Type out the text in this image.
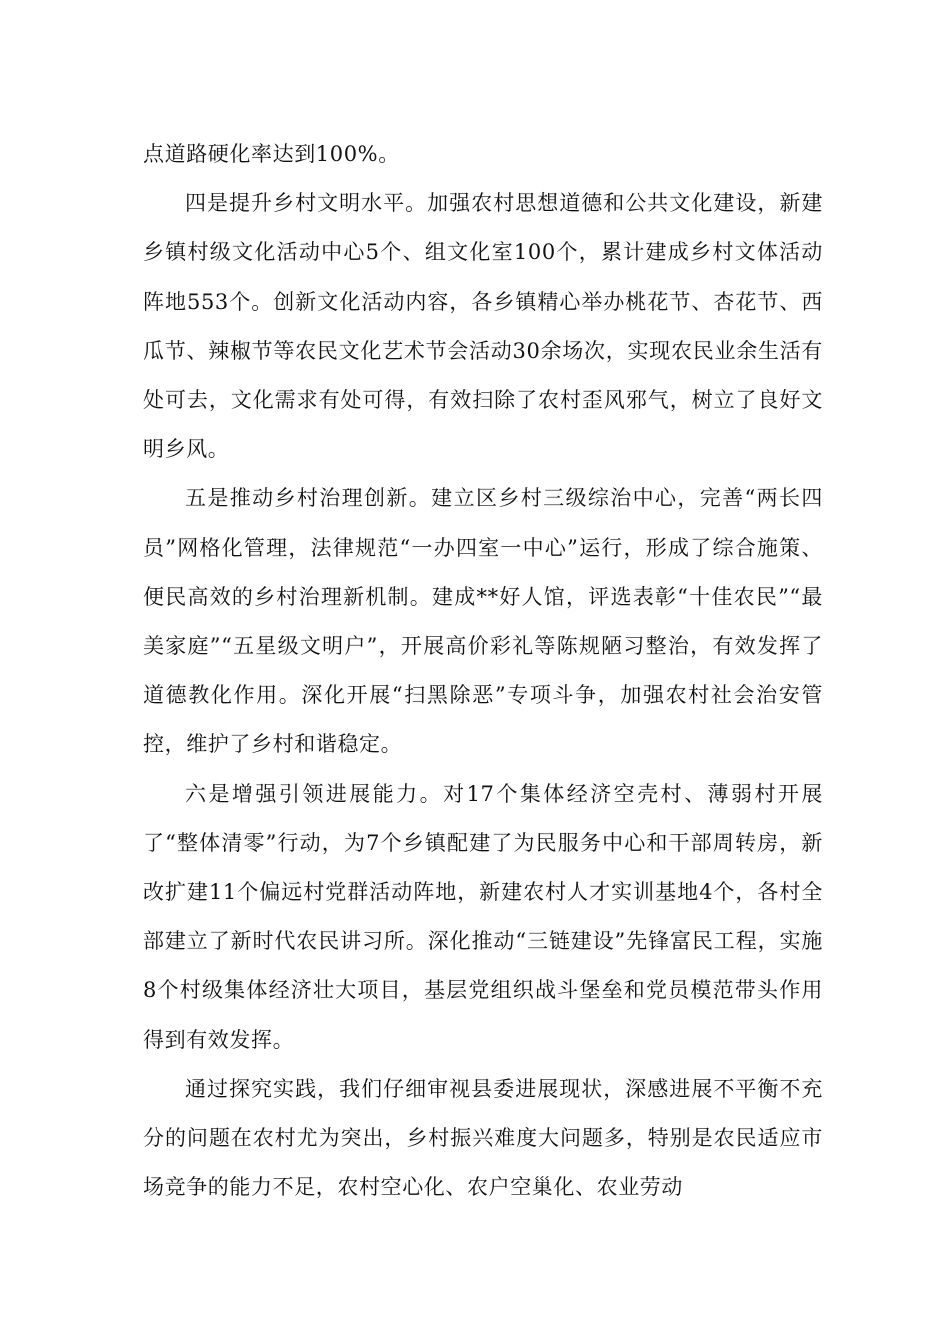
点道路硬化率达到100%。

四是提升乡村文明水平。加强农村思想道德和公共文化建设，新建乡镇村级文化活动中心5个、组文化室100个，累计建成乡村文体活动阵地553个。创新文化活动内容，各乡镇精心举办桃花节、杏花节、西瓜节、辣椒节等农民文化艺术节会活动30余场次，实现农民业余生活有处可去，文化需求有处可得，有效扫除了农村歪风邪气，树立了良好文明乡风。

五是推动乡村治理创新。建立区乡村三级综治中心，完善“两长四员”网格化管理，法律规范“一办四室一中心”运行，形成了综合施策、便民高效的乡村治理新机制。建成**好人馆，评选表彰“十佳农民”“最美家庭”“五星级文明户”，开展高价彩礼等陈规陋习整治，有效发挥了道德教化作用。深化开展“扫黑除恶”专项斗争，加强农村社会治安管控，维护了乡村和谐稳定。

六是增强引领进展能力。对17个集体经济空壳村、薄弱村开展了“整体清零”行动，为7个乡镇配建了为民服务中心和干部周转房，新改扩建11个偏远村党群活动阵地，新建农村人才实训基地4个，各村全部建立了新时代农民讲习所。深化推动“三链建设”先锋富民工程，实施8个村级集体经济壮大项目，基层党组织战斗堡垒和党员模范带头作用得到有效发挥。

通过探究实践，我们仔细审视县委进展现状，深感进展不平衡不充分的问题在农村尤为突出，乡村振兴难度大问题多，特别是农民适应市场竞争的能力不足，农村空心化、农户空巢化、农业劳动
